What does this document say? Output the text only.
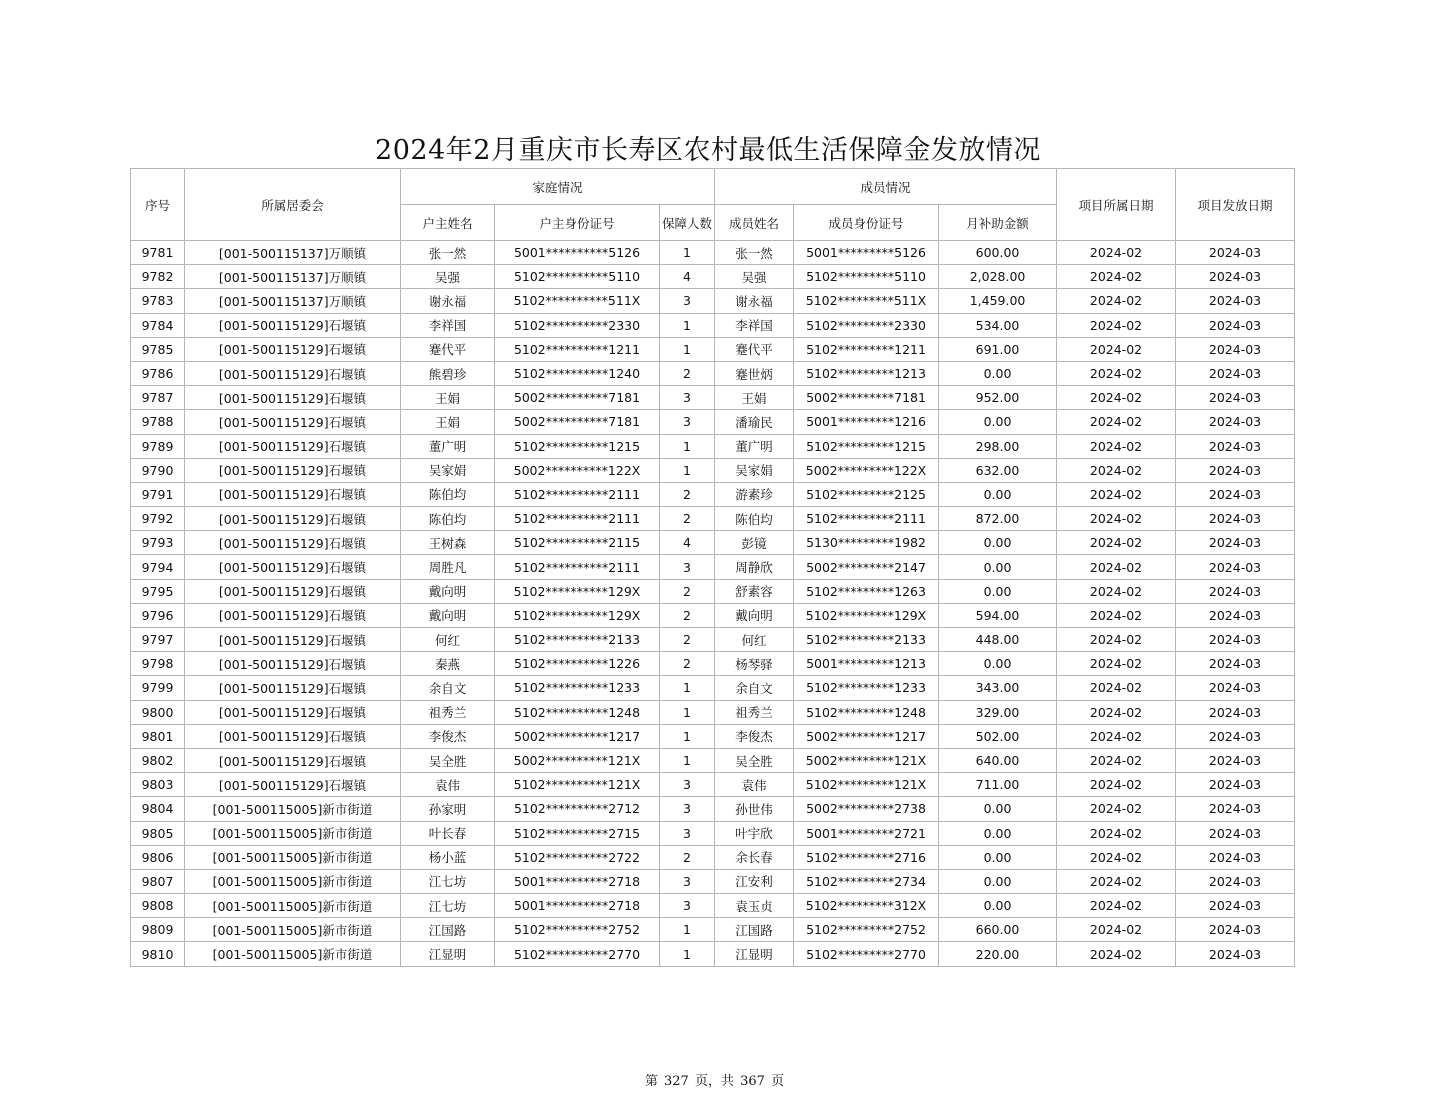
2024年2月重庆市长寿区农村最低生活保障金发放情况
序号	所属居委会	家庭情况			成员情况			项目所属日期	项目发放日期
		户主姓名	户主身份证号	保障人数	成员姓名	成员身份证号	月补助金额		
9781	[001-500115137]万顺镇	张一然	5001**********5126	1	张一然	5001*********5126	600.00	2024-02	2024-03
9782	[001-500115137]万顺镇	吴强	5102**********5110	4	吴强	5102*********5110	2,028.00	2024-02	2024-03
9783	[001-500115137]万顺镇	谢永福	5102**********511X	3	谢永福	5102*********511X	1,459.00	2024-02	2024-03
9784	[001-500115129]石堰镇	李祥国	5102**********2330	1	李祥国	5102*********2330	534.00	2024-02	2024-03
9785	[001-500115129]石堰镇	蹇代平	5102**********1211	1	蹇代平	5102*********1211	691.00	2024-02	2024-03
9786	[001-500115129]石堰镇	熊碧珍	5102**********1240	2	蹇世炳	5102*********1213	0.00	2024-02	2024-03
9787	[001-500115129]石堰镇	王娟	5002**********7181	3	王娟	5002*********7181	952.00	2024-02	2024-03
9788	[001-500115129]石堰镇	王娟	5002**********7181	3	潘瑜民	5001*********1216	0.00	2024-02	2024-03
9789	[001-500115129]石堰镇	董广明	5102**********1215	1	董广明	5102*********1215	298.00	2024-02	2024-03
9790	[001-500115129]石堰镇	吴家娟	5002**********122X	1	吴家娟	5002*********122X	632.00	2024-02	2024-03
9791	[001-500115129]石堰镇	陈伯均	5102**********2111	2	游素珍	5102*********2125	0.00	2024-02	2024-03
9792	[001-500115129]石堰镇	陈伯均	5102**********2111	2	陈伯均	5102*********2111	872.00	2024-02	2024-03
9793	[001-500115129]石堰镇	王树森	5102**********2115	4	彭镜	5130*********1982	0.00	2024-02	2024-03
9794	[001-500115129]石堰镇	周胜凡	5102**********2111	3	周静欣	5002*********2147	0.00	2024-02	2024-03
9795	[001-500115129]石堰镇	戴向明	5102**********129X	2	舒素容	5102*********1263	0.00	2024-02	2024-03
9796	[001-500115129]石堰镇	戴向明	5102**********129X	2	戴向明	5102*********129X	594.00	2024-02	2024-03
9797	[001-500115129]石堰镇	何红	5102**********2133	2	何红	5102*********2133	448.00	2024-02	2024-03
9798	[001-500115129]石堰镇	秦燕	5102**********1226	2	杨琴驿	5001*********1213	0.00	2024-02	2024-03
9799	[001-500115129]石堰镇	余自文	5102**********1233	1	余自文	5102*********1233	343.00	2024-02	2024-03
9800	[001-500115129]石堰镇	祖秀兰	5102**********1248	1	祖秀兰	5102*********1248	329.00	2024-02	2024-03
9801	[001-500115129]石堰镇	李俊杰	5002**********1217	1	李俊杰	5002*********1217	502.00	2024-02	2024-03
9802	[001-500115129]石堰镇	吴全胜	5002**********121X	1	吴全胜	5002*********121X	640.00	2024-02	2024-03
9803	[001-500115129]石堰镇	袁伟	5102**********121X	3	袁伟	5102*********121X	711.00	2024-02	2024-03
9804	[001-500115005]新市街道	孙家明	5102**********2712	3	孙世伟	5002*********2738	0.00	2024-02	2024-03
9805	[001-500115005]新市街道	叶长春	5102**********2715	3	叶宇欣	5001*********2721	0.00	2024-02	2024-03
9806	[001-500115005]新市街道	杨小蓝	5102**********2722	2	余长春	5102*********2716	0.00	2024-02	2024-03
9807	[001-500115005]新市街道	江七坊	5001**********2718	3	江安利	5102*********2734	0.00	2024-02	2024-03
9808	[001-500115005]新市街道	江七坊	5001**********2718	3	袁玉贞	5102*********312X	0.00	2024-02	2024-03
9809	[001-500115005]新市街道	江国路	5102**********2752	1	江国路	5102*********2752	660.00	2024-02	2024-03
9810	[001-500115005]新市街道	江显明	5102**********2770	1	江显明	5102*********2770	220.00	2024-02	2024-03
第 327 页，共 367 页
